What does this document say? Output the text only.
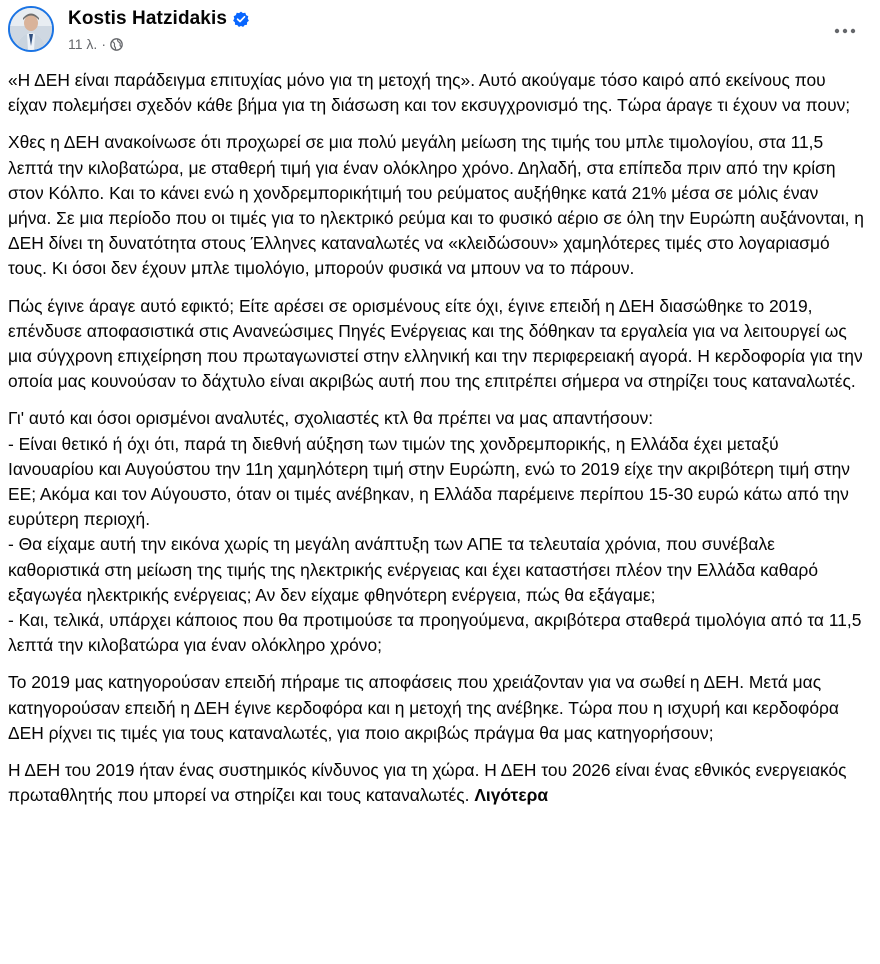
Kostis Hatzidakis
11 λ. ·

«Η ΔΕΗ είναι παράδειγμα επιτυχίας μόνο για τη μετοχή της». Αυτό ακούγαμε τόσο καιρό από εκείνους που είχαν πολεμήσει σχεδόν κάθε βήμα για τη διάσωση και τον εκσυγχρονισμό της. Τώρα άραγε τι έχουν να πουν;

Χθες η ΔΕΗ ανακοίνωσε ότι προχωρεί σε μια πολύ μεγάλη μείωση της τιμής του μπλε τιμολογίου, στα 11,5 λεπτά την κιλοβατώρα, με σταθερή τιμή για έναν ολόκληρο χρόνο. Δηλαδή, στα επίπεδα πριν από την κρίση στον Κόλπο. Και το κάνει ενώ η χονδρεμπορικήτιμή του ρεύματος αυξήθηκε κατά 21% μέσα σε μόλις έναν μήνα. Σε μια περίοδο που οι τιμές για το ηλεκτρικό ρεύμα και το φυσικό αέριο σε όλη την Ευρώπη αυξάνονται, η ΔΕΗ δίνει τη δυνατότητα στους Έλληνες καταναλωτές να «κλειδώσουν» χαμηλότερες τιμές στο λογαριασμό τους. Κι όσοι δεν έχουν μπλε τιμολόγιο, μπορούν φυσικά να μπουν να το πάρουν.

Πώς έγινε άραγε αυτό εφικτό; Είτε αρέσει σε ορισμένους είτε όχι, έγινε επειδή η ΔΕΗ διασώθηκε το 2019, επένδυσε αποφασιστικά στις Ανανεώσιμες Πηγές Ενέργειας και της δόθηκαν τα εργαλεία για να λειτουργεί ως μια σύγχρονη επιχείρηση που πρωταγωνιστεί στην ελληνική και την περιφερειακή αγορά. Η κερδοφορία για την οποία μας κουνούσαν το δάχτυλο είναι ακριβώς αυτή που της επιτρέπει σήμερα να στηρίζει τους καταναλωτές.

Γι' αυτό και όσοι ορισμένοι αναλυτές, σχολιαστές κτλ θα πρέπει να μας απαντήσουν:
- Είναι θετικό ή όχι ότι, παρά τη διεθνή αύξηση των τιμών της χονδρεμπορικής, η Ελλάδα έχει μεταξύ Ιανουαρίου και Αυγούστου την 11η χαμηλότερη τιμή στην Ευρώπη, ενώ το 2019 είχε την ακριβότερη τιμή στην ΕΕ; Ακόμα και τον Αύγουστο, όταν οι τιμές ανέβηκαν, η Ελλάδα παρέμεινε περίπου 15-30 ευρώ κάτω από την ευρύτερη περιοχή.
- Θα είχαμε αυτή την εικόνα χωρίς τη μεγάλη ανάπτυξη των ΑΠΕ τα τελευταία χρόνια, που συνέβαλε καθοριστικά στη μείωση της τιμής της ηλεκτρικής ενέργειας και έχει καταστήσει πλέον την Ελλάδα καθαρό εξαγωγέα ηλεκτρικής ενέργειας; Αν δεν είχαμε φθηνότερη ενέργεια, πώς θα εξάγαμε;
- Και, τελικά, υπάρχει κάποιος που θα προτιμούσε τα προηγούμενα, ακριβότερα σταθερά τιμολόγια από τα 11,5 λεπτά την κιλοβατώρα για έναν ολόκληρο χρόνο;

Το 2019 μας κατηγορούσαν επειδή πήραμε τις αποφάσεις που χρειάζονταν για να σωθεί η ΔΕΗ. Μετά μας κατηγορούσαν επειδή η ΔΕΗ έγινε κερδοφόρα και η μετοχή της ανέβηκε. Τώρα που η ισχυρή και κερδοφόρα ΔΕΗ ρίχνει τις τιμές για τους καταναλωτές, για ποιο ακριβώς πράγμα θα μας κατηγορήσουν;

Η ΔΕΗ του 2019 ήταν ένας συστημικός κίνδυνος για τη χώρα. Η ΔΕΗ του 2026 είναι ένας εθνικός ενεργειακός πρωταθλητής που μπορεί να στηρίζει και τους καταναλωτές. Λιγότερα
